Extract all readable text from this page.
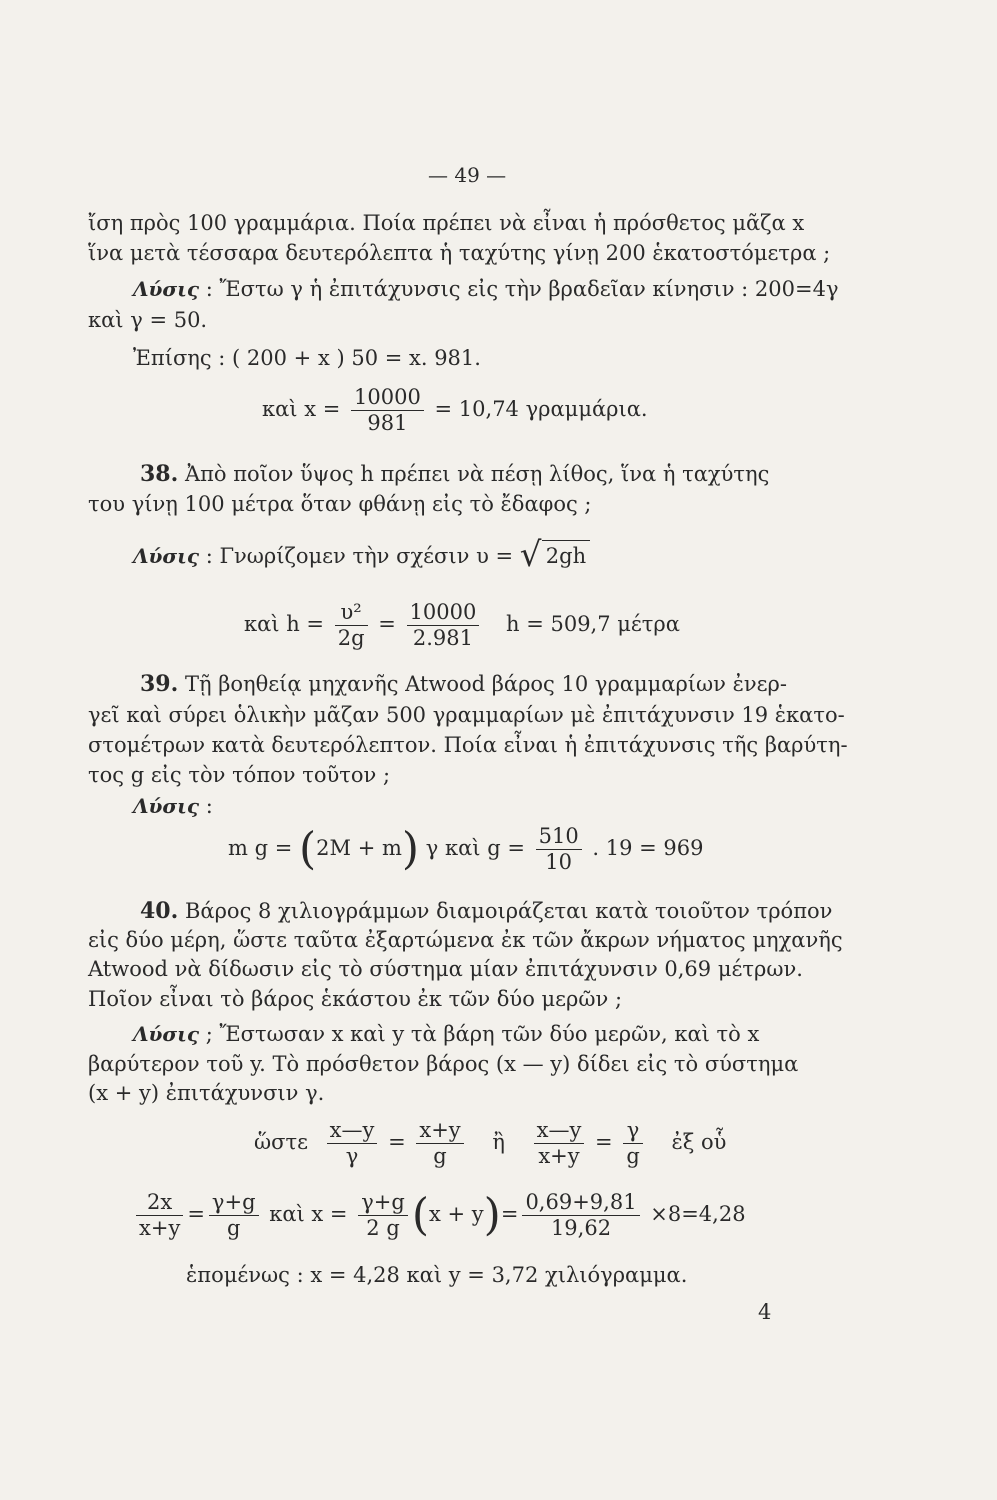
— 49 —
ἴση πρὸς 100 γραμμάρια. Ποία πρέπει νὰ εἶναι ἡ πρόσθετος μᾶζα x
ἵνα μετὰ τέσσαρα δευτερόλεπτα ἡ ταχύτης γίνῃ 200 ἑκατοστόμετρα ;
Λύσις : Ἔστω γ ἡ ἐπιτάχυνσις εἰς τὴν βραδεῖαν κίνησιν : 200=4γ
καὶ γ = 50.
Ἐπίσης : ( 200 + x ) 50 = x. 981.
καὶ $x = \frac{10000}{981} = 10,74$ γραμμάρια.
38. Ἀπὸ ποῖον ὕψος h πρέπει νὰ πέσῃ λίθος, ἵνα ἡ ταχύτης
του γίνῃ 100 μέτρα ὅταν φθάνῃ εἰς τὸ ἔδαφος ;
Λύσις : Γνωρίζομεν τὴν σχέσιν υ = √ 2gh
καὶ $h = \frac{\text{υ²}}{2g} = \frac{10000}{2.981}$ h = 509,7 μέτρα
39. Τῇ βοηθείᾳ μηχανῆς Atwood βάρος 10 γραμμαρίων ἐνερ-
γεῖ καὶ σύρει ὁλικὴν μᾶζαν 500 γραμμαρίων μὲ ἐπιτάχυνσιν 19 ἑκατο-
στομέτρων κατὰ δευτερόλεπτον. Ποία εἶναι ἡ ἐπιτάχυνσις τῆς βαρύτη-
τος g εἰς τὸν τόπον τοῦτον ;
Λύσις :
m g = (2M + m) γ καὶ $g = \frac{510}{10}$ . 19 = 969
40. Βάρος 8 χιλιογράμμων διαμοιράζεται κατὰ τοιοῦτον τρόπον
εἰς δύο μέρη, ὥστε ταῦτα ἐξαρτώμενα ἐκ τῶν ἄκρων νήματος μηχανῆς
Atwood νὰ δίδωσιν εἰς τὸ σύστημα μίαν ἐπιτάχυνσιν 0,69 μέτρων.
Ποῖον εἶναι τὸ βάρος ἑκάστου ἐκ τῶν δύο μερῶν ;
Λύσις ; Ἔστωσαν x καὶ y τὰ βάρη τῶν δύο μερῶν, καὶ τὸ x
βαρύτερον τοῦ y. Τὸ πρόσθετον βάρος (x — y) δίδει εἰς τὸ σύστημα
(x + y) ἐπιτάχυνσιν γ.
ὥστε $\frac{x—y}{\gamma} = \frac{x+y}{g}$ ἢ $\frac{x—y}{x+y} = \frac{\gamma}{g}$ ἐξ οὗ
$\frac{2x}{x+y} = \frac{\gamma+g}{g}$ καὶ $x = \frac{\gamma+g}{2 g} (x + y)= \frac{0,69+9,81}{19,62} \times 8=4,28$
ἑπομένως : x = 4,28 καὶ y = 3,72 χιλιόγραμμα.
4
